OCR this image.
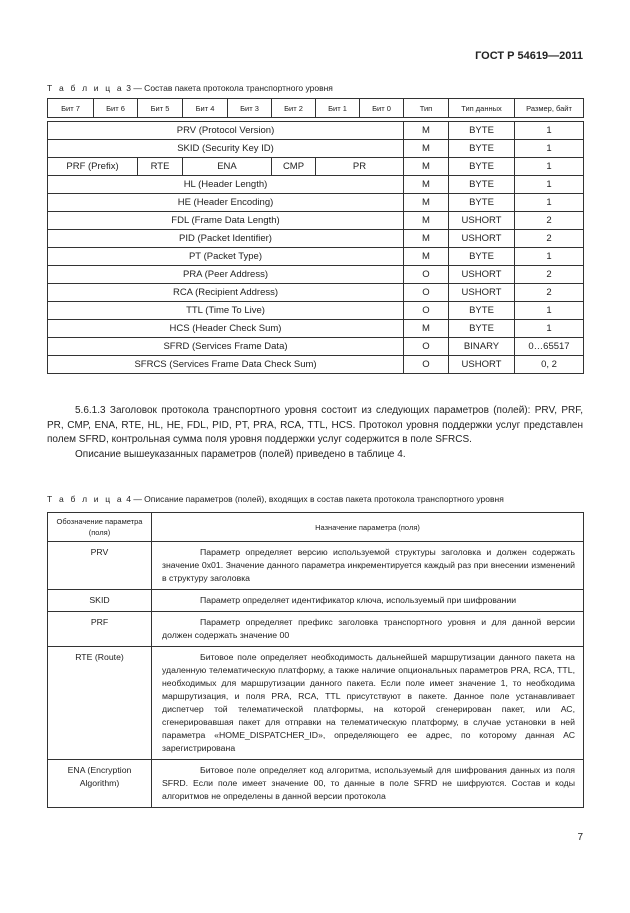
ГОСТ Р 54619—2011
Т а б л и ц а 3 — Состав пакета протокола транспортного уровня
Бит 7	Бит 6	Бит 5	Бит 4	Бит 3	Бит 2	Бит 1	Бит 0	Тип	Тип данных	Размер, байт

PRV (Protocol Version)								M	BYTE	1
SKID (Security Key ID)								M	BYTE	1
PRF (Prefix)		RTE	ENA		CMP	PR		M	BYTE	1
HL (Header Length)								M	BYTE	1
HE (Header Encoding)								M	BYTE	1
FDL (Frame Data Length)								M	USHORT	2
PID (Packet Identifier)								M	USHORT	2
PT (Packet Type)								M	BYTE	1
PRA (Peer Address)								O	USHORT	2
RCA (Recipient Address)								O	USHORT	2
TTL (Time To Live)								O	BYTE	1
HCS (Header Check Sum)								M	BYTE	1
SFRD (Services Frame Data)								O	BINARY	0…65517
SFRCS (Services Frame Data Check Sum)								O	USHORT	0, 2
5.6.1.3 Заголовок протокола транспортного уровня состоит из следующих параметров (полей): PRV, PRF, PR, CMP, ENA, RTE, HL, HE, FDL, PID, PT, PRA, RCA, TTL, HCS. Протокол уровня поддержки услуг представлен полем SFRD, контрольная сумма поля уровня поддержки услуг содержится в поле SFRCS.
Описание вышеуказанных параметров (полей) приведено в таблице 4.
Т а б л и ц а 4 — Описание параметров (полей), входящих в состав пакета протокола транспортного уровня
Обозначение параметра (поля)	Назначение параметра (поля)
PRV	Параметр определяет версию используемой структуры заголовка и должен содержать значение 0x01. Значение данного параметра инкрементируется каждый раз при внесении изменений в структуру заголовка

SKID	Параметр определяет идентификатор ключа, используемый при шифровании

PRF	Параметр определяет префикс заголовка транспортного уровня и для данной версии должен содержать значение 00

RTE (Route)	Битовое поле определяет необходимость дальнейшей маршрутизации данного пакета на удаленную телематическую платформу, а также наличие опциональных параметров PRA, RCA, TTL, необходимых для маршрутизации данного пакета. Если поле имеет значение 1, то необходима маршрутизация, и поля PRA, RCA, TTL присутствуют в пакете. Данное поле устанавливает диспетчер той телематической платформы, на которой сгенерирован пакет, или АС, сгенерировавшая пакет для отправки на телематическую платформу, в случае установки в ней параметра «HOME_DISPATCHER_ID», определяющего ее адрес, по которому данная АС зарегистрирована

ENA (Encryption Algorithm)	Битовое поле определяет код алгоритма, используемый для шифрования данных из поля SFRD. Если поле имеет значение 00, то данные в поле SFRD не шифруются. Состав и коды алгоритмов не определены в данной версии протокола
7
